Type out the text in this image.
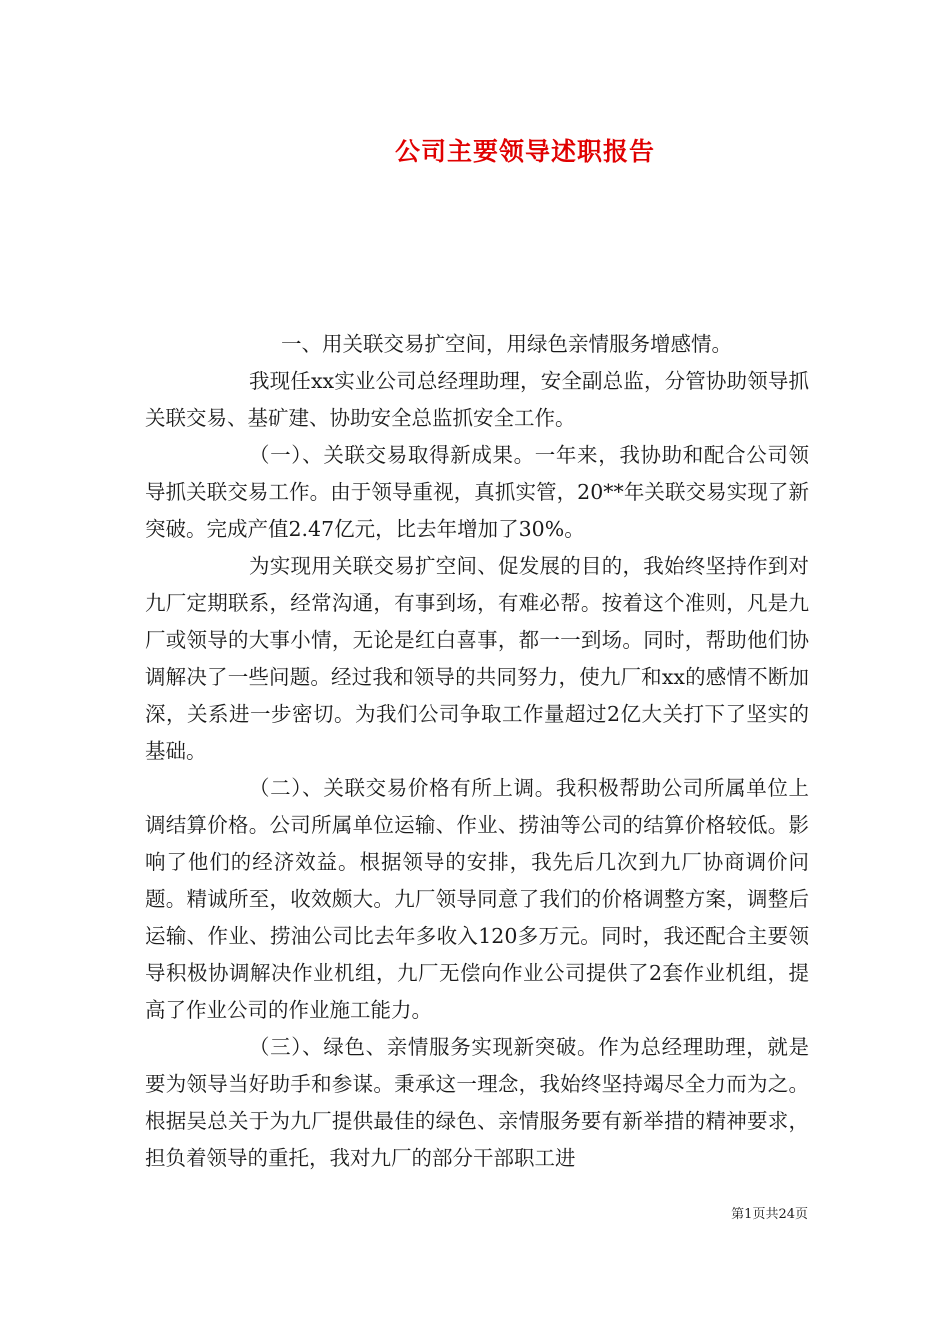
公司主要领导述职报告

一、用关联交易扩空间，用绿色亲情服务增感情。

我现任xx实业公司总经理助理，安全副总监，分管协助领导抓关联交易、基矿建、协助安全总监抓安全工作。

（一）、关联交易取得新成果。一年来，我协助和配合公司领导抓关联交易工作。由于领导重视，真抓实管，20**年关联交易实现了新突破。完成产值2.47亿元，比去年增加了30%。

为实现用关联交易扩空间、促发展的目的，我始终坚持作到对九厂定期联系，经常沟通，有事到场，有难必帮。按着这个准则，凡是九厂或领导的大事小情，无论是红白喜事，都一一到场。同时，帮助他们协调解决了一些问题。经过我和领导的共同努力，使九厂和xx的感情不断加深，关系进一步密切。为我们公司争取工作量超过2亿大关打下了坚实的基础。

（二）、关联交易价格有所上调。我积极帮助公司所属单位上调结算价格。公司所属单位运输、作业、捞油等公司的结算价格较低。影响了他们的经济效益。根据领导的安排，我先后几次到九厂协商调价问题。精诚所至，收效颇大。九厂领导同意了我们的价格调整方案，调整后运输、作业、捞油公司比去年多收入120多万元。同时，我还配合主要领导积极协调解决作业机组，九厂无偿向作业公司提供了2套作业机组，提高了作业公司的作业施工能力。

（三）、绿色、亲情服务实现新突破。作为总经理助理，就是要为领导当好助手和参谋。秉承这一理念，我始终坚持竭尽全力而为之。根据吴总关于为九厂提供最佳的绿色、亲情服务要有新举措的精神要求，担负着领导的重托，我对九厂的部分干部职工进

第1页共24页
